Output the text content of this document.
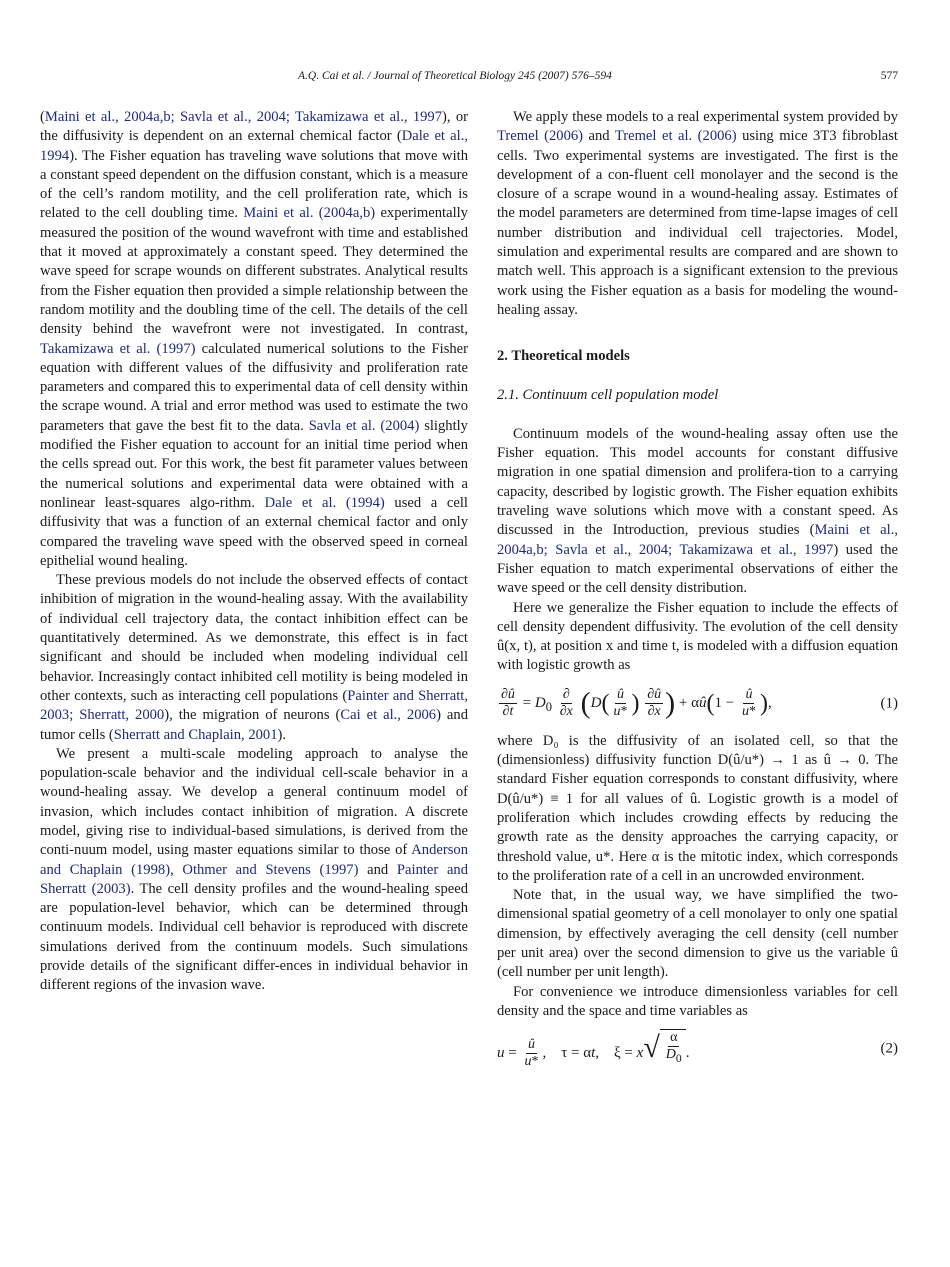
A.Q. Cai et al. / Journal of Theoretical Biology 245 (2007) 576–594	577

(Maini et al., 2004a,b; Savla et al., 2004; Takamizawa et al., 1997), or the diffusivity is dependent on an external chemical factor (Dale et al., 1994). The Fisher equation has traveling wave solutions that move with a constant speed dependent on the diffusion constant, which is a measure of the cell’s random motility, and the cell proliferation rate, which is related to the cell doubling time. Maini et al. (2004a,b) experimentally measured the position of the wound wavefront with time and established that it moved at approximately a constant speed. They determined the wave speed for scrape wounds on different substrates. Analytical results from the Fisher equation then provided a simple relationship between the random motility and the doubling time of the cell. The details of the cell density behind the wavefront were not investigated. In contrast, Takamizawa et al. (1997) calculated numerical solutions to the Fisher equation with different values of the diffusivity and proliferation rate parameters and compared this to experimental data of cell density within the scrape wound. A trial and error method was used to estimate the two parameters that gave the best fit to the data. Savla et al. (2004) slightly modified the Fisher equation to account for an initial time period when the cells spread out. For this work, the best fit parameter values between the numerical solutions and experimental data were obtained with a nonlinear least-squares algo-rithm. Dale et al. (1994) used a cell diffusivity that was a function of an external chemical factor and only compared the traveling wave speed with the observed speed in corneal epithelial wound healing.

These previous models do not include the observed effects of contact inhibition of migration in the wound-healing assay. With the availability of individual cell trajectory data, the contact inhibition effect can be quantitatively determined. As we demonstrate, this effect is in fact significant and should be included when modeling individual cell behavior. Increasingly contact inhibited cell motility is being modeled in other contexts, such as interacting cell populations (Painter and Sherratt, 2003; Sherratt, 2000), the migration of neurons (Cai et al., 2006) and tumor cells (Sherratt and Chaplain, 2001).

We present a multi-scale modeling approach to analyse the population-scale behavior and the individual cell-scale behavior in a wound-healing assay. We develop a general continuum model of invasion, which includes contact inhibition of migration. A discrete model, giving rise to individual-based simulations, is derived from the conti-nuum model, using master equations similar to those of Anderson and Chaplain (1998), Othmer and Stevens (1997) and Painter and Sherratt (2003). The cell density profiles and the wound-healing speed are population-level behavior, which can be determined through continuum models. Individual cell behavior is reproduced with discrete simulations derived from the continuum models. Such simulations provide details of the significant differ-ences in individual behavior in different regions of the invasion wave.

We apply these models to a real experimental system provided by Tremel (2006) and Tremel et al. (2006) using mice 3T3 fibroblast cells. Two experimental systems are investigated. The first is the development of a con-fluent cell monolayer and the second is the closure of a scrape wound in a wound-healing assay. Estimates of the model parameters are determined from time-lapse images of cell number distribution and individual cell trajectories. Model, simulation and experimental results are compared and are shown to match well. This approach is a significant extension to the previous work using the Fisher equation as a basis for modeling the wound-healing assay.

2. Theoretical models
2.1. Continuum cell population model

Continuum models of the wound-healing assay often use the Fisher equation. This model accounts for constant diffusive migration in one spatial dimension and prolifera-tion to a carrying capacity, described by logistic growth. The Fisher equation exhibits traveling wave solutions which move with a constant speed. As discussed in the Introduction, previous studies (Maini et al., 2004a,b; Savla et al., 2004; Takamizawa et al., 1997) used the Fisher equation to match experimental observations of either the wave speed or the cell density distribution.

Here we generalize the Fisher equation to include the effects of cell density dependent diffusivity. The evolution of the cell density û(x, t), at position x and time t, is modeled with a diffusion equation with logistic growth as

$\frac{\partial û}{\partial t} = D_0 \frac{\partial}{\partial x} (D( \frac{û}{u*}$ ) $\frac{\partial û}{\partial x}$ ) + αû(1 − $\frac{û}{u*}$ ),	(1)

where D₀ is the diffusivity of an isolated cell, so that the (dimensionless) diffusivity function D(û/u*) → 1 as û → 0. The standard Fisher equation corresponds to constant diffusivity, where D(û/u*) ≡ 1 for all values of û. Logistic growth is a model of proliferation which includes crowding effects by reducing the growth rate as the density approaches the carrying capacity, or threshold value, u*. Here α is the mitotic index, which corresponds to the proliferation rate of a cell in an uncrowded environment.

Note that, in the usual way, we have simplified the two-dimensional spatial geometry of a cell monolayer to only one spatial dimension, by effectively averaging the cell density (cell number per unit area) over the second dimension to give us the variable û (cell number per unit length).

For convenience we introduce dimensionless variables for cell density and the space and time variables as

$u = \frac{û}{u*}$ ,    τ = αt,    ξ = x √ $\frac{\alpha}{D_0}$ .	(2)
